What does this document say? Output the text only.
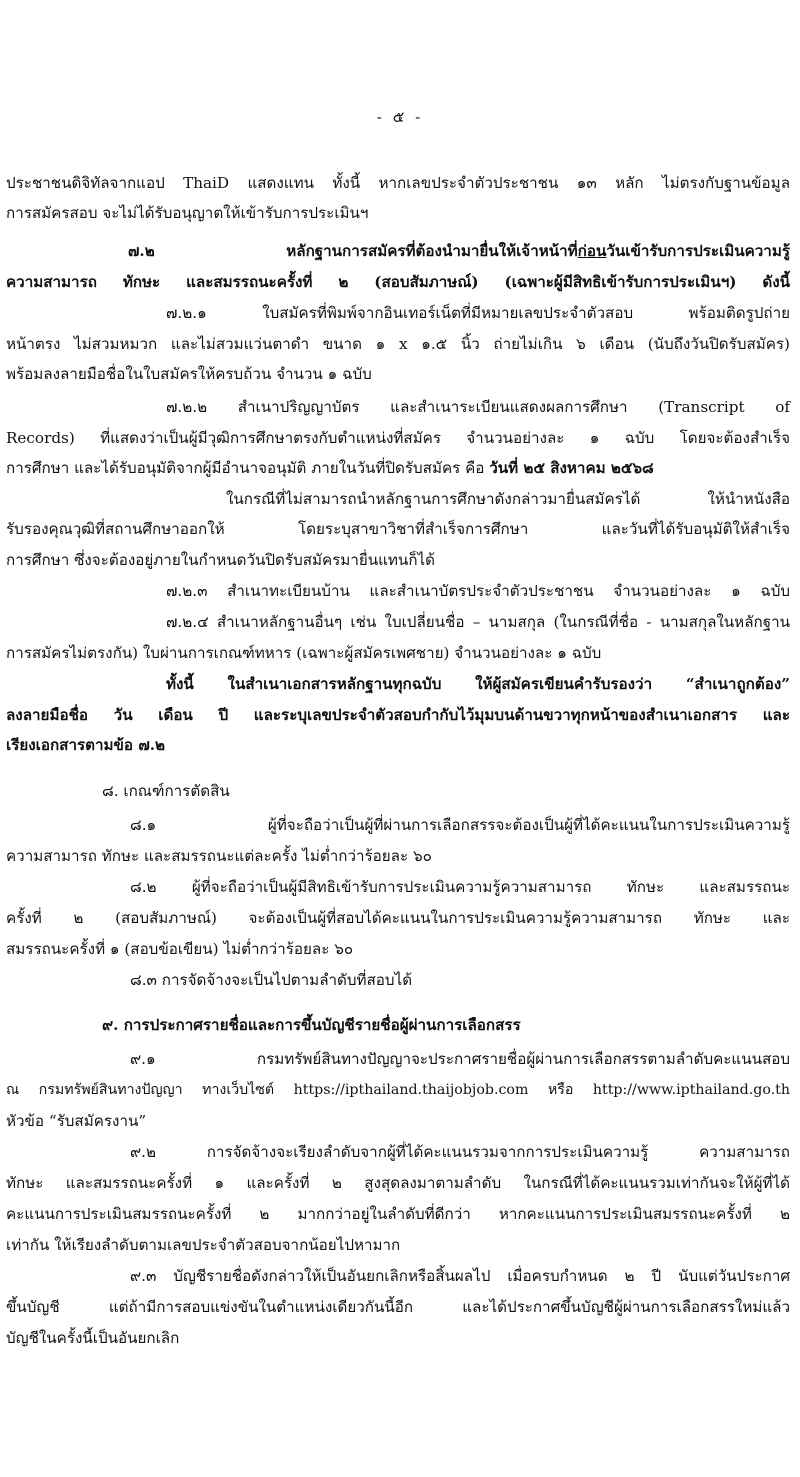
- ๕ -
ประชาชนดิจิทัลจากแอป ThaiD แสดงแทน ทั้งนี้ หากเลขประจำตัวประชาชน ๑๓ หลัก ไม่ตรงกับฐานข้อมูล
การสมัครสอบ จะไม่ได้รับอนุญาตให้เข้ารับการประเมินฯ
๗.๒ หลักฐานการสมัครที่ต้องนำมายื่นให้เจ้าหน้าที่ก่อนวันเข้ารับการประเมินความรู้
ความสามารถ ทักษะ และสมรรถนะครั้งที่ ๒ (สอบสัมภาษณ์) (เฉพาะผู้มีสิทธิเข้ารับการประเมินฯ) ดังนี้
๗.๒.๑ ใบสมัครที่พิมพ์จากอินเทอร์เน็ตที่มีหมายเลขประจำตัวสอบ พร้อมติดรูปถ่าย
หน้าตรง ไม่สวมหมวก และไม่สวมแว่นตาดำ ขนาด ๑ x ๑.๕ นิ้ว ถ่ายไม่เกิน ๖ เดือน (นับถึงวันปิดรับสมัคร)
พร้อมลงลายมือชื่อในใบสมัครให้ครบถ้วน จำนวน ๑ ฉบับ
๗.๒.๒ สำเนาปริญญาบัตร และสำเนาระเบียนแสดงผลการศึกษา (Transcript of
Records) ที่แสดงว่าเป็นผู้มีวุฒิการศึกษาตรงกับตำแหน่งที่สมัคร จำนวนอย่างละ ๑ ฉบับ โดยจะต้องสำเร็จ
การศึกษา และได้รับอนุมัติจากผู้มีอำนาจอนุมัติ ภายในวันที่ปิดรับสมัคร คือ วันที่ ๒๕ สิงหาคม ๒๕๖๘
ในกรณีที่ไม่สามารถนำหลักฐานการศึกษาดังกล่าวมายื่นสมัครได้ ให้นำหนังสือ
รับรองคุณวุฒิที่สถานศึกษาออกให้ โดยระบุสาขาวิชาที่สำเร็จการศึกษา และวันที่ได้รับอนุมัติให้สำเร็จ
การศึกษา ซึ่งจะต้องอยู่ภายในกำหนดวันปิดรับสมัครมายื่นแทนก็ได้
๗.๒.๓ สำเนาทะเบียนบ้าน และสำเนาบัตรประจำตัวประชาชน จำนวนอย่างละ ๑ ฉบับ
๗.๒.๔ สำเนาหลักฐานอื่นๆ เช่น ใบเปลี่ยนชื่อ – นามสกุล (ในกรณีที่ชื่อ - นามสกุลในหลักฐาน
การสมัครไม่ตรงกัน) ใบผ่านการเกณฑ์ทหาร (เฉพาะผู้สมัครเพศชาย) จำนวนอย่างละ ๑ ฉบับ
ทั้งนี้ ในสำเนาเอกสารหลักฐานทุกฉบับ ให้ผู้สมัครเขียนคำรับรองว่า “สำเนาถูกต้อง”
ลงลายมือชื่อ วัน เดือน ปี และระบุเลขประจำตัวสอบกำกับไว้มุมบนด้านขวาทุกหน้าของสำเนาเอกสาร และ
เรียงเอกสารตามข้อ ๗.๒
๘. เกณฑ์การตัดสิน
๘.๑ ผู้ที่จะถือว่าเป็นผู้ที่ผ่านการเลือกสรรจะต้องเป็นผู้ที่ได้คะแนนในการประเมินความรู้
ความสามารถ ทักษะ และสมรรถนะแต่ละครั้ง ไม่ต่ำกว่าร้อยละ ๖๐
๘.๒ ผู้ที่จะถือว่าเป็นผู้มีสิทธิเข้ารับการประเมินความรู้ความสามารถ ทักษะ และสมรรถนะ
ครั้งที่ ๒ (สอบสัมภาษณ์) จะต้องเป็นผู้ที่สอบได้คะแนนในการประเมินความรู้ความสามารถ ทักษะ และ
สมรรถนะครั้งที่ ๑ (สอบข้อเขียน) ไม่ต่ำกว่าร้อยละ ๖๐
๘.๓ การจัดจ้างจะเป็นไปตามลำดับที่สอบได้
๙. การประกาศรายชื่อและการขึ้นบัญชีรายชื่อผู้ผ่านการเลือกสรร
๙.๑ กรมทรัพย์สินทางปัญญาจะประกาศรายชื่อผู้ผ่านการเลือกสรรตามลำดับคะแนนสอบ
ณ กรมทรัพย์สินทางปัญญา ทางเว็บไซต์ https://ipthailand.thaijobjob.com หรือ http://www.ipthailand.go.th
หัวข้อ “รับสมัครงาน”
๙.๒ การจัดจ้างจะเรียงลำดับจากผู้ที่ได้คะแนนรวมจากการประเมินความรู้ ความสามารถ
ทักษะ และสมรรถนะครั้งที่ ๑ และครั้งที่ ๒ สูงสุดลงมาตามลำดับ ในกรณีที่ได้คะแนนรวมเท่ากันจะให้ผู้ที่ได้
คะแนนการประเมินสมรรถนะครั้งที่ ๒ มากกว่าอยู่ในลำดับที่ดีกว่า หากคะแนนการประเมินสมรรถนะครั้งที่ ๒
เท่ากัน ให้เรียงลำดับตามเลขประจำตัวสอบจากน้อยไปหามาก
๙.๓ บัญชีรายชื่อดังกล่าวให้เป็นอันยกเลิกหรือสิ้นผลไป เมื่อครบกำหนด ๒ ปี นับแต่วันประกาศ
ขึ้นบัญชี แต่ถ้ามีการสอบแข่งขันในตำแหน่งเดียวกันนี้อีก และได้ประกาศขึ้นบัญชีผู้ผ่านการเลือกสรรใหม่แล้ว
บัญชีในครั้งนี้เป็นอันยกเลิก
